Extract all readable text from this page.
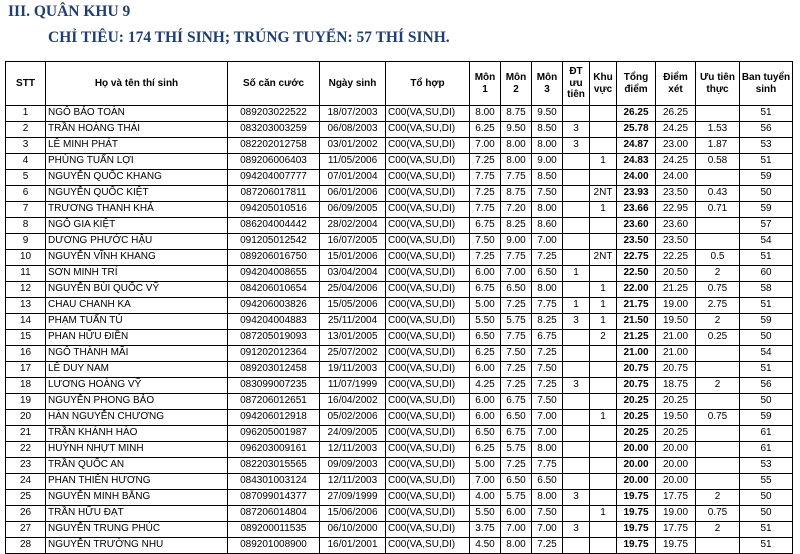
III. QUÂN KHU 9
CHỈ TIÊU: 174 THÍ SINH; TRÚNG TUYỂN: 57 THÍ SINH.
STT	Họ và tên thí sinh	Số căn cước	Ngày sinh	Tổ hợp	Môn 1	Môn 2	Môn 3	ĐT ưu tiên	Khu vực	Tổng điểm	Điểm xét	Ưu tiên thực	Ban tuyển sinh
1	NGÔ BẢO TOÀN	089203022522	18/07/2003	C00(VA,SU,DI)	8.00	8.75	9.50			26.25	26.25		51
2	TRẦN HOÀNG THÁI	083203003259	06/08/2003	C00(VA,SU,DI)	6.25	9.50	8.50	3		25.78	24.25	1.53	56
3	LÊ MINH PHÁT	082202012758	03/01/2002	C00(VA,SU,DI)	7.00	8.00	8.00	3		24.87	23.00	1.87	53
4	PHÙNG TUẤN LỢI	089206006403	11/05/2006	C00(VA,SU,DI)	7.25	8.00	9.00		1	24.83	24.25	0.58	51
5	NGUYỄN QUỐC KHANG	094204007777	07/01/2004	C00(VA,SU,DI)	7.75	7.75	8.50			24.00	24.00		59
6	NGUYỄN QUỐC KIỆT	087206017811	06/01/2006	C00(VA,SU,DI)	7.25	8.75	7.50		2NT	23.93	23.50	0.43	50
7	TRƯƠNG THANH KHẢ	094205010516	06/09/2005	C00(VA,SU,DI)	7.75	7.20	8.00		1	23.66	22.95	0.71	59
8	NGÔ GIA KIỆT	086204004442	28/02/2004	C00(VA,SU,DI)	6.75	8.25	8.60			23.60	23.60		57
9	DƯƠNG PHƯỚC HẬU	091205012542	16/07/2005	C00(VA,SU,DI)	7.50	9.00	7.00			23.50	23.50		54
10	NGUYỄN VĨNH KHANG	089206016750	15/01/2006	C00(VA,SU,DI)	7.25	7.75	7.25		2NT	22.75	22.25	0.5	51
11	SƠN MINH TRÍ	094204008655	03/04/2004	C00(VA,SU,DI)	6.00	7.00	6.50	1		22.50	20.50	2	60
12	NGUYỄN BÙI QUỐC VỸ	084206010654	25/04/2006	C00(VA,SU,DI)	6.75	6.50	8.00		1	22.00	21.25	0.75	58
13	CHAU CHANH KA	094206003826	15/05/2006	C00(VA,SU,DI)	5.00	7.25	7.75	1	1	21.75	19.00	2.75	51
14	PHẠM TUẤN TÚ	094204004883	25/11/2004	C00(VA,SU,DI)	5.50	5.75	8.25	3	1	21.50	19.50	2	59
15	PHAN HỮU ĐIỀN	087205019093	13/01/2005	C00(VA,SU,DI)	6.50	7.75	6.75		2	21.25	21.00	0.25	50
16	NGÔ THÀNH MÃI	091202012364	25/07/2002	C00(VA,SU,DI)	6.25	7.50	7.25			21.00	21.00		54
17	LÊ DUY NAM	089203012458	19/11/2003	C00(VA,SU,DI)	6.00	7.25	7.50			20.75	20.75		51
18	LƯƠNG HOÀNG VỸ	083099007235	11/07/1999	C00(VA,SU,DI)	4.25	7.25	7.25	3		20.75	18.75	2	56
19	NGUYỄN PHONG BẢO	087206012651	16/04/2002	C00(VA,SU,DI)	6.00	6.75	7.50			20.25	20.25		50
20	HÀN NGUYỄN CHƯƠNG	094206012918	05/02/2006	C00(VA,SU,DI)	6.00	6.50	7.00		1	20.25	19.50	0.75	59
21	TRẦN KHÁNH HÀO	096205001987	24/09/2005	C00(VA,SU,DI)	6.50	6.75	7.00			20.25	20.25		61
22	HUỲNH NHỰT MINH	096203009161	12/11/2003	C00(VA,SU,DI)	6.25	5.75	8.00			20.00	20.00		61
23	TRẦN QUỐC AN	082203015565	09/09/2003	C00(VA,SU,DI)	5.00	7.25	7.75			20.00	20.00		53
24	PHAN THIÊN HƯƠNG	084301003124	12/11/2003	C00(VA,SU,DI)	7.00	6.50	6.50			20.00	20.00		55
25	NGUYỄN MINH BẰNG	087099014377	27/09/1999	C00(VA,SU,DI)	4.00	5.75	8.00	3		19.75	17.75	2	50
26	TRẦN HỮU ĐẠT	087206014804	15/06/2006	C00(VA,SU,DI)	5.50	6.00	7.50		1	19.75	19.00	0.75	50
27	NGUYỄN TRUNG PHÚC	089200011535	06/10/2000	C00(VA,SU,DI)	3.75	7.00	7.00	3		19.75	17.75	2	51
28	NGUYỄN TRƯỜNG NHU	089201008900	16/01/2001	C00(VA,SU,DI)	4.50	8.00	7.25			19.75	19.75		51
